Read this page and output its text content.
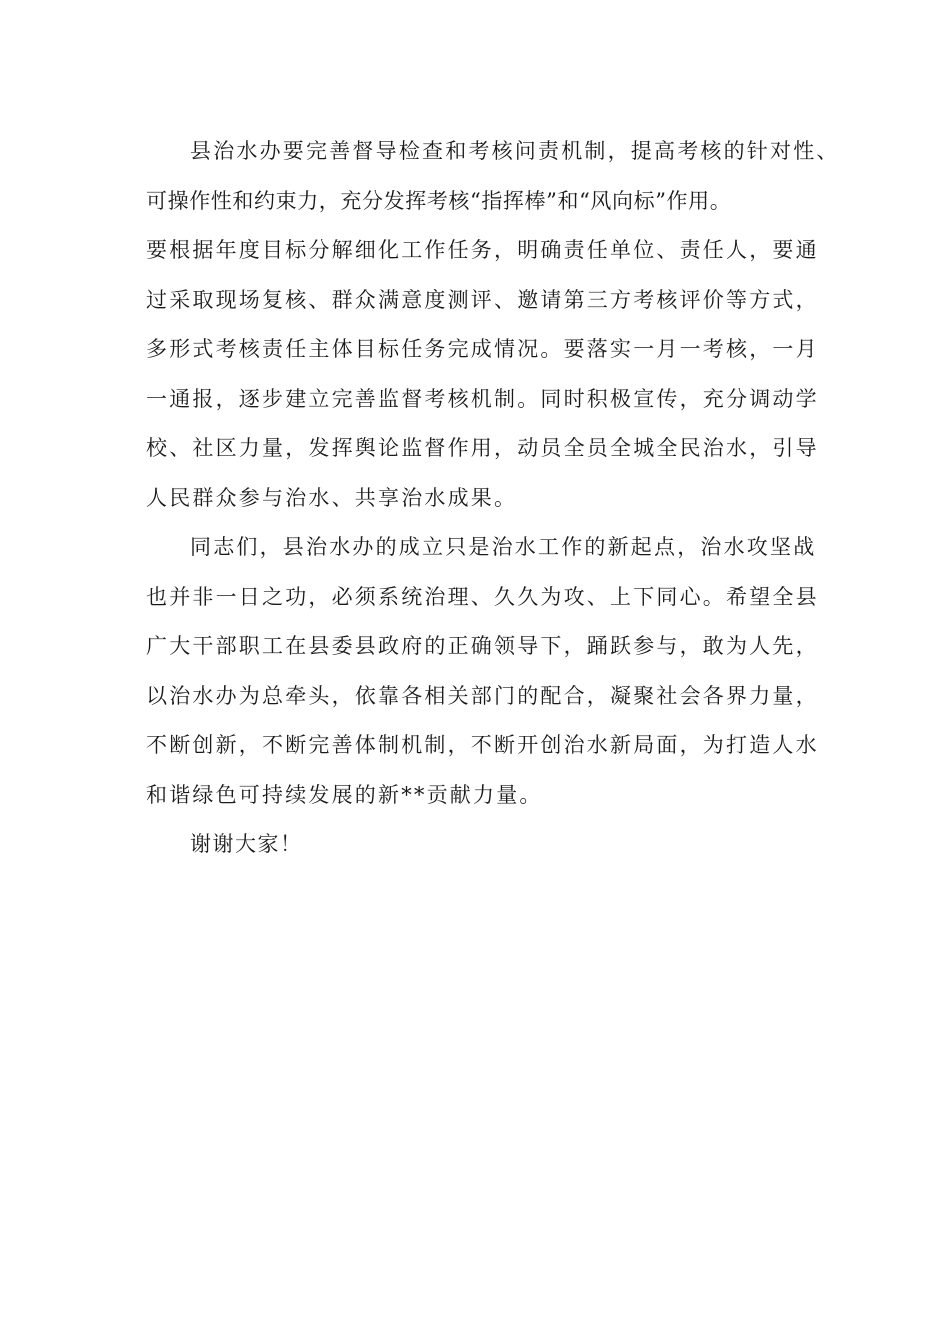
县治水办要完善督导检查和考核问责机制，提高考核的针对性、
可操作性和约束力，充分发挥考核“指挥棒”和“风向标”作用。
要根据年度目标分解细化工作任务，明确责任单位、责任人，要通
过采取现场复核、群众满意度测评、邀请第三方考核评价等方式，
多形式考核责任主体目标任务完成情况。要落实一月一考核，一月
一通报，逐步建立完善监督考核机制。同时积极宣传，充分调动学
校、社区力量，发挥舆论监督作用，动员全员全城全民治水，引导
人民群众参与治水、共享治水成果。
同志们，县治水办的成立只是治水工作的新起点，治水攻坚战
也并非一日之功，必须系统治理、久久为攻、上下同心。希望全县
广大干部职工在县委县政府的正确领导下，踊跃参与，敢为人先，
以治水办为总牵头，依靠各相关部门的配合，凝聚社会各界力量，
不断创新，不断完善体制机制，不断开创治水新局面，为打造人水
和谐绿色可持续发展的新**贡献力量。
谢谢大家！
